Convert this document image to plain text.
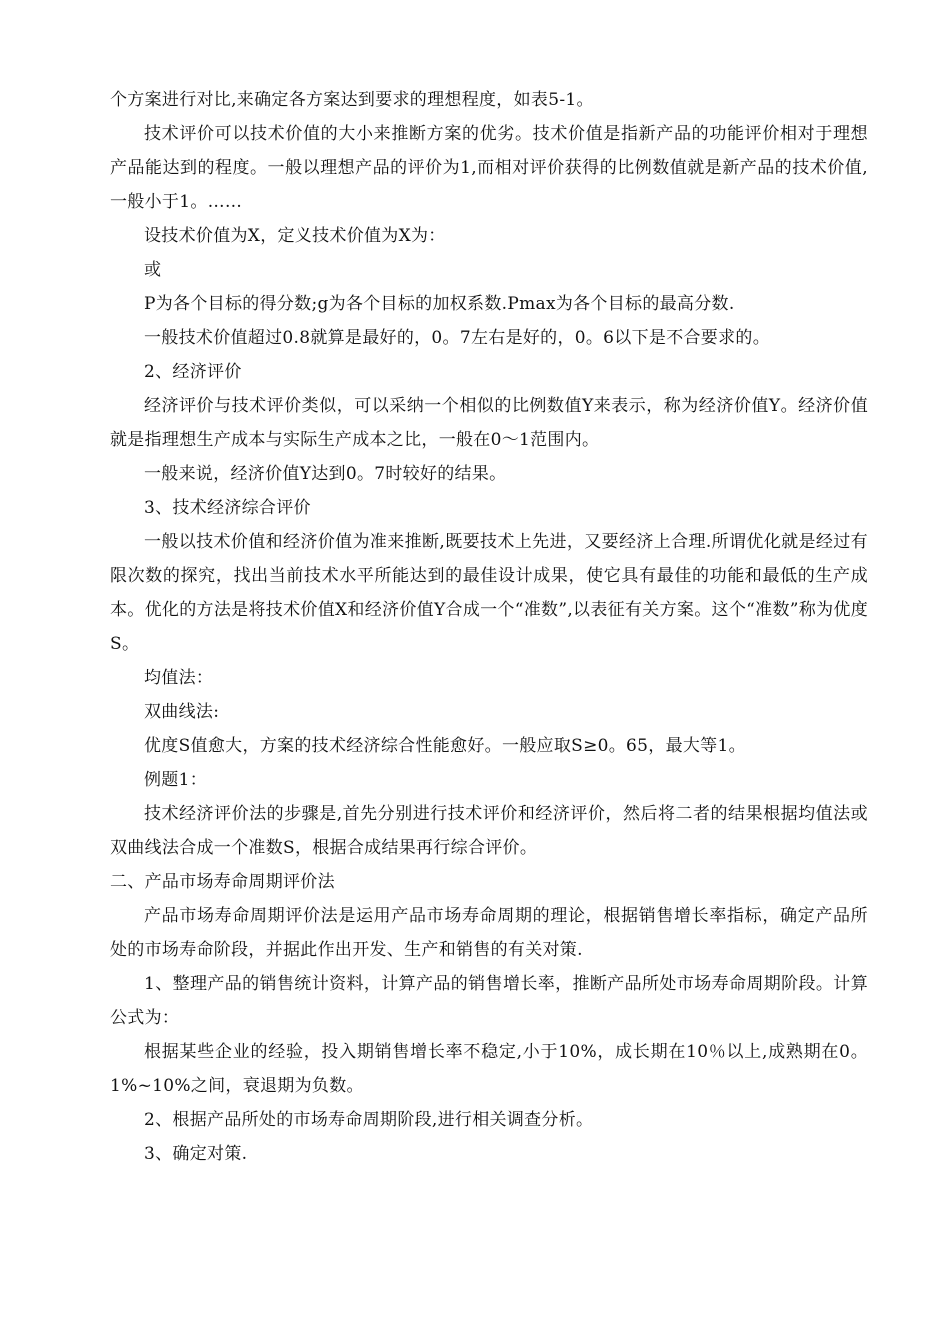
个方案进行对比,来确定各方案达到要求的理想程度，如表5-1。

技术评价可以技术价值的大小来推断方案的优劣。技术价值是指新产品的功能评价相对于理想产品能达到的程度。一般以理想产品的评价为1,而相对评价获得的比例数值就是新产品的技术价值,一般小于1。……

设技术价值为X，定义技术价值为X为：

或

P为各个目标的得分数;g为各个目标的加权系数.Pmax为各个目标的最高分数.

一般技术价值超过0.8就算是最好的，0。7左右是好的，0。6以下是不合要求的。

2、经济评价

经济评价与技术评价类似，可以采纳一个相似的比例数值Y来表示，称为经济价值Y。经济价值就是指理想生产成本与实际生产成本之比，一般在0～1范围内。

一般来说，经济价值Y达到0。7时较好的结果。

3、技术经济综合评价

一般以技术价值和经济价值为准来推断,既要技术上先进，又要经济上合理.所谓优化就是经过有限次数的探究，找出当前技术水平所能达到的最佳设计成果，使它具有最佳的功能和最低的生产成本。优化的方法是将技术价值X和经济价值Y合成一个“准数”,以表征有关方案。这个“准数”称为优度S。

均值法：

双曲线法:

优度S值愈大，方案的技术经济综合性能愈好。一般应取S≥0。65，最大等1。

例题1：

技术经济评价法的步骤是,首先分别进行技术评价和经济评价，然后将二者的结果根据均值法或双曲线法合成一个准数S，根据合成结果再行综合评价。

二、产品市场寿命周期评价法

产品市场寿命周期评价法是运用产品市场寿命周期的理论，根据销售增长率指标，确定产品所处的市场寿命阶段，并据此作出开发、生产和销售的有关对策.

1、整理产品的销售统计资料，计算产品的销售增长率，推断产品所处市场寿命周期阶段。计算公式为：

根据某些企业的经验，投入期销售增长率不稳定,小于10%，成长期在10％以上,成熟期在0。1%~10%之间，衰退期为负数。

2、根据产品所处的市场寿命周期阶段,进行相关调查分析。

3、确定对策.
